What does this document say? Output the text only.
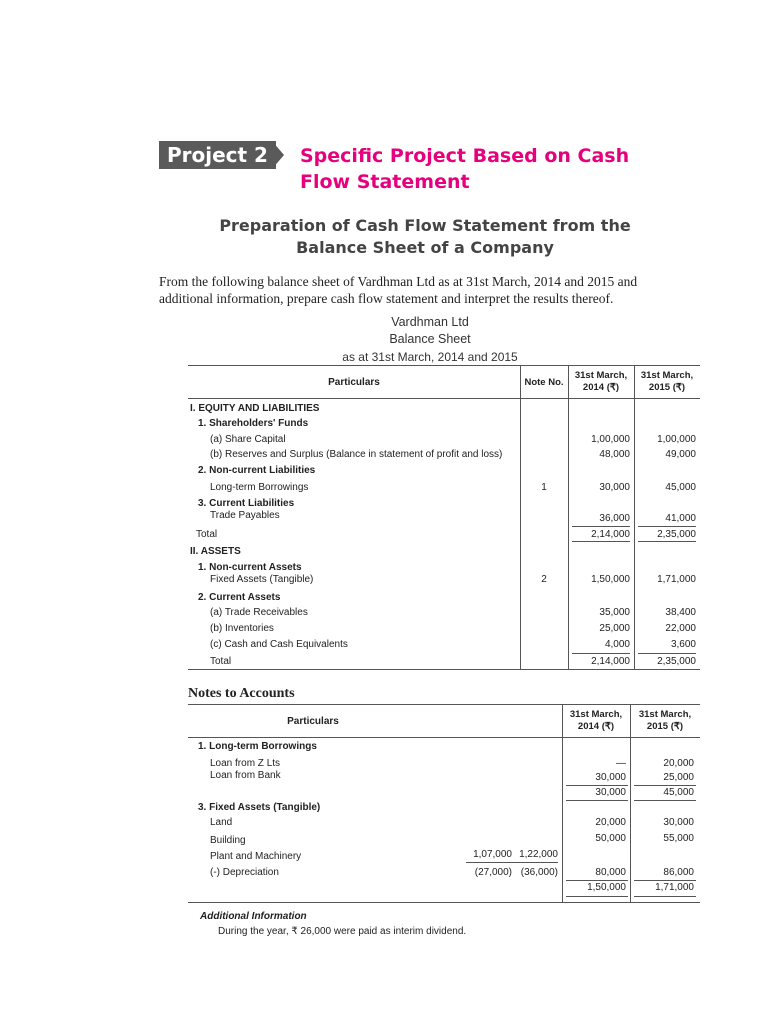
Project 2	Specific Project Based on Cash
Flow Statement
Preparation of Cash Flow Statement from the
Balance Sheet of a Company
From the following balance sheet of Vardhman Ltd as at 31st March, 2014 and 2015 and
additional information, prepare cash flow statement and interpret the results thereof.
Vardhman Ltd
Balance Sheet
as at 31st March, 2014 and 2015
Particulars	Note No.
31st March,
2014 (₹)
31st March,
2015 (₹)
I. EQUITY AND LIABILITIES
1. Shareholders' Funds
(a) Share Capital	1,00,000	1,00,000
(b) Reserves and Surplus (Balance in statement of profit and loss)	48,000	49,000
2. Non-current Liabilities
Long-term Borrowings	1	30,000	45,000
3. Current Liabilities
Trade Payables	36,000	41,000
Total	2,14,000	2,35,000
II. ASSETS
1. Non-current Assets
Fixed Assets (Tangible)	2	1,50,000	1,71,000
2. Current Assets
(a) Trade Receivables	35,000	38,400
(b) Inventories	25,000	22,000
(c) Cash and Cash Equivalents	4,000	3,600
Total	2,14,000	2,35,000
Notes to Accounts
Particulars
31st March,
2014 (₹)
31st March,
2015 (₹)
1. Long-term Borrowings
Loan from Z Lts	—	20,000
Loan from Bank	30,000	25,000
30,000	45,000
3. Fixed Assets (Tangible)
Land	20,000	30,000
Building	50,000	55,000
Plant and Machinery	1,07,000 1,22,000
(-) Depreciation	(27,000) (36,000)	80,000	86,000
1,50,000	1,71,000
Additional Information
During the year, ₹ 26,000 were paid as interim dividend.
